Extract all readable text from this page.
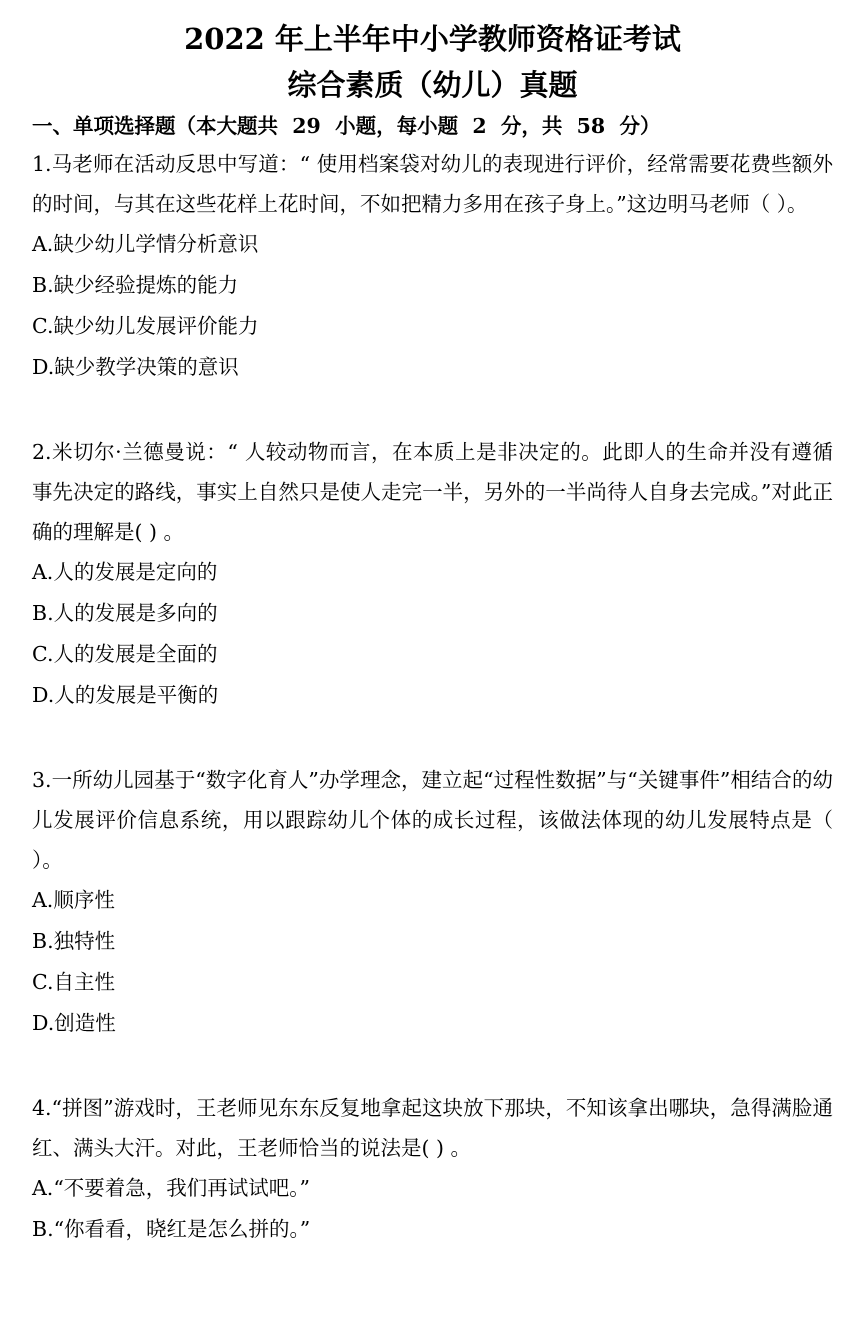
2022 年上半年中小学教师资格证考试
综合素质（幼儿）真题
一、单项选择题（本大题共  29  小题，每小题  2  分，共  58  分）

1.马老师在活动反思中写道：“ 使用档案袋对幼儿的表现进行评价，经常需要花费些额外的时间，与其在这些花样上花时间，不如把精力多用在孩子身上。”这边明马老师（ ）。

A.缺少幼儿学情分析意识

B.缺少经验提炼的能力

C.缺少幼儿发展评价能力

D.缺少教学决策的意识

2.米切尔·兰德曼说：“ 人较动物而言，在本质上是非决定的。此即人的生命并没有遵循事先决定的路线，事实上自然只是使人走完一半，另外的一半尚待人自身去完成。”对此正确的理解是( ) 。

A.人的发展是定向的

B.人的发展是多向的

C.人的发展是全面的

D.人的发展是平衡的

3.一所幼儿园基于“数字化育人”办学理念，建立起“过程性数据”与“关键事件”相结合的幼儿发展评价信息系统，用以跟踪幼儿个体的成长过程，该做法体现的幼儿发展特点是（ ）。

A.顺序性

B.独特性

C.自主性

D.创造性

4.“拼图”游戏时，王老师见东东反复地拿起这块放下那块，不知该拿出哪块，急得满脸通红、满头大汗。对此，王老师恰当的说法是( ) 。

A.“不要着急，我们再试试吧。”

B.“你看看，晓红是怎么拼的。”
